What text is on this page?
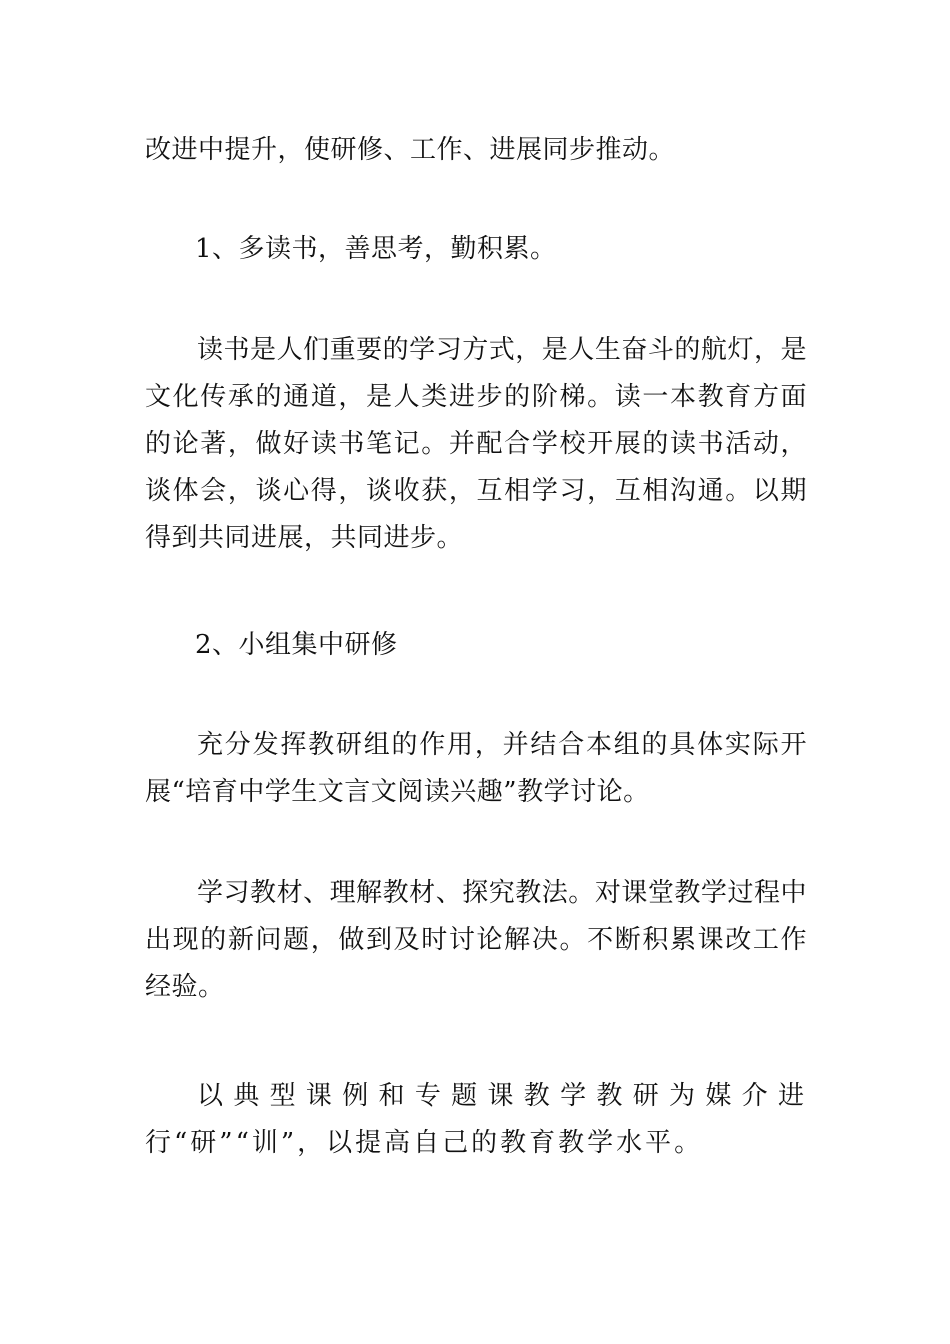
改进中提升，使研修、工作、进展同步推动。

1、多读书，善思考，勤积累。

读书是人们重要的学习方式，是人生奋斗的航灯，是文化传承的通道，是人类进步的阶梯。读一本教育方面的论著，做好读书笔记。并配合学校开展的读书活动，谈体会，谈心得，谈收获，互相学习，互相沟通。以期得到共同进展，共同进步。

2、小组集中研修

充分发挥教研组的作用，并结合本组的具体实际开展“培育中学生文言文阅读兴趣”教学讨论。

学习教材、理解教材、探究教法。对课堂教学过程中出现的新问题，做到及时讨论解决。不断积累课改工作经验。

以典型课例和专题课教学教研为媒介进行“研”“训”，以提高自己的教育教学水平。
